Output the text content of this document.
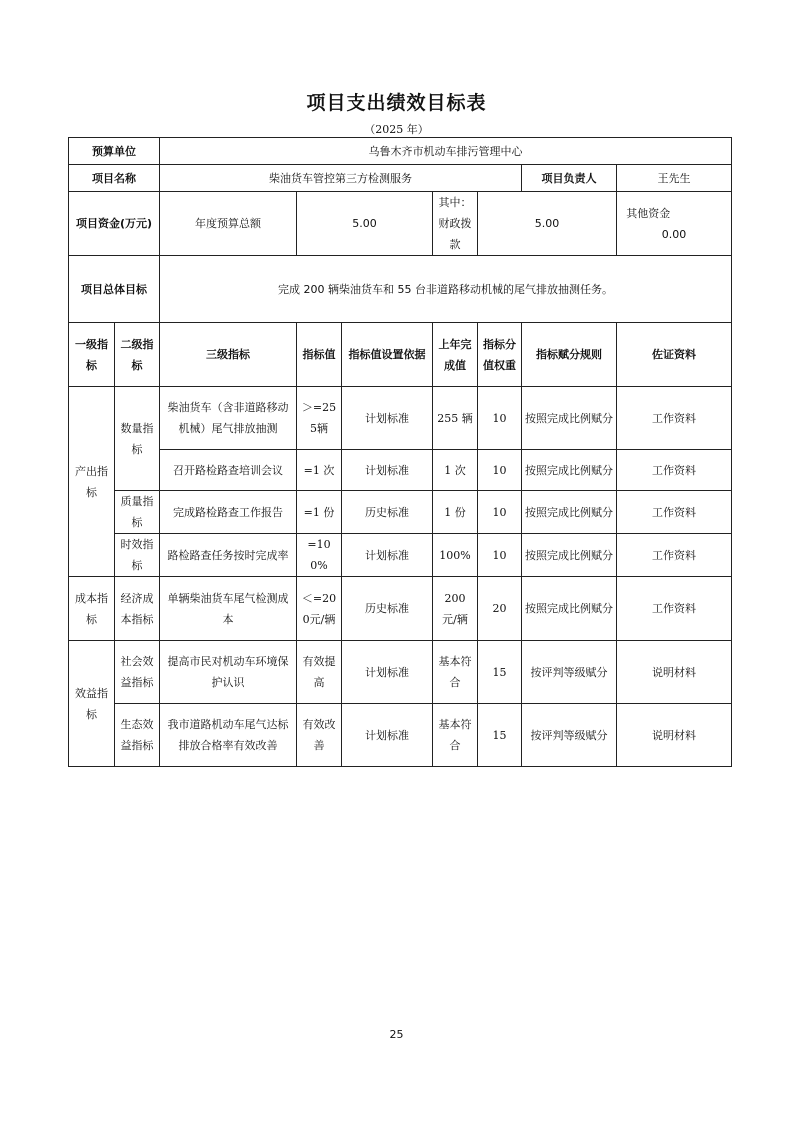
项目支出绩效目标表
（2025 年）
预算单位		乌鲁木齐市机动车排污管理中心						
项目名称		柴油货车管控第三方检测服务					项目负责人	王先生
项目资金(万元)		年度预算总额	5.00		其中：财政拨款	5.00		其他资金  0.00
项目总体目标		完成 200 辆柴油货车和 55 台非道路移动机械的尾气排放抽测任务。						
一级指标	二级指标	三级指标	指标值	指标值设置依据	上年完成值	指标分值权重	指标赋分规则	佐证资料
产出指标	数量指标	柴油货车（含非道路移动机械）尾气排放抽测	＞=255辆	计划标准	255 辆	10	按照完成比例赋分	工作资料
		召开路检路查培训会议	=1 次	计划标准	1 次	10	按照完成比例赋分	工作资料
	质量指标	完成路检路查工作报告	=1 份	历史标准	1 份	10	按照完成比例赋分	工作资料
	时效指标	路检路查任务按时完成率	=100%	计划标准	100%	10	按照完成比例赋分	工作资料
成本指标	经济成本指标	单辆柴油货车尾气检测成本	＜=200元/辆	历史标准	200 元/辆	20	按照完成比例赋分	工作资料
效益指标	社会效益指标	提高市民对机动车环境保护认识	有效提高	计划标准	基本符合	15	按评判等级赋分	说明材料
	生态效益指标	我市道路机动车尾气达标排放合格率有效改善	有效改善	计划标准	基本符合	15	按评判等级赋分	说明材料
25
